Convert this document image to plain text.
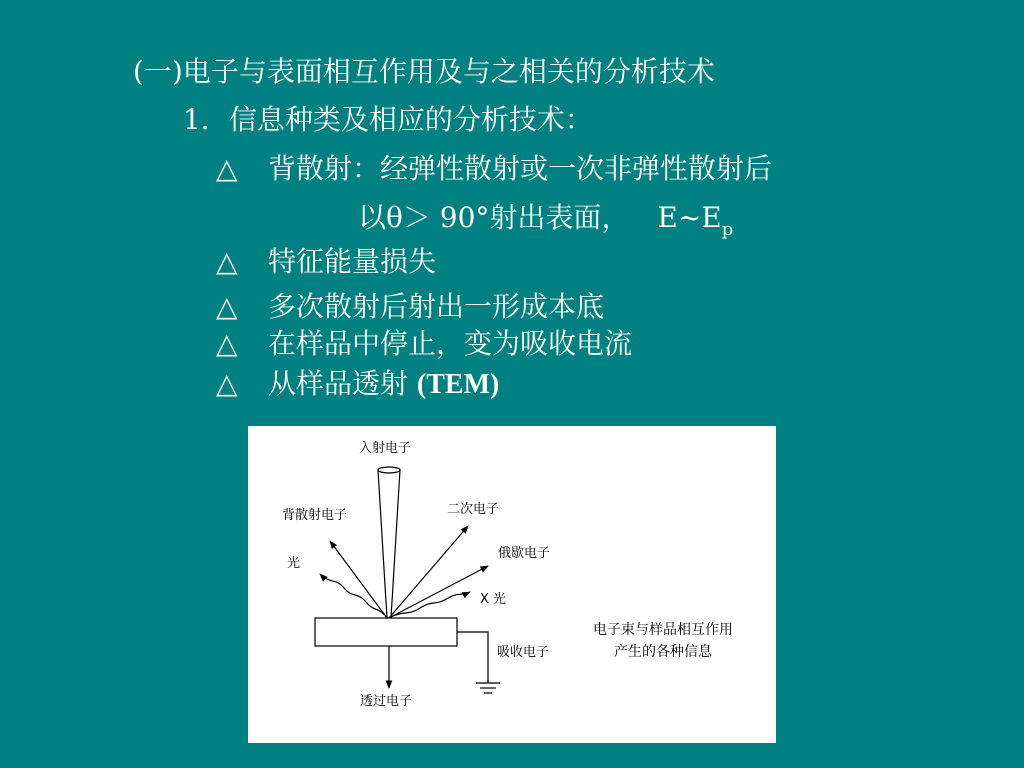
(一)电子与表面相互作用及与之相关的分析技术
1．信息种类及相应的分析技术：
△ 背散射：经弹性散射或一次非弹性散射后
以θ＞ 90°射出表面， $E\sim E_p$
△ 特征能量损失
△ 多次散射后射出一形成本底
△ 在样品中停止，变为吸收电流
△ 从样品透射 (TEM)
入射电子
背散射电子	二次电子
光
俄歇电子
X 光
吸收电子
透过电子
电子束与样品相互作用
产生的各种信息
